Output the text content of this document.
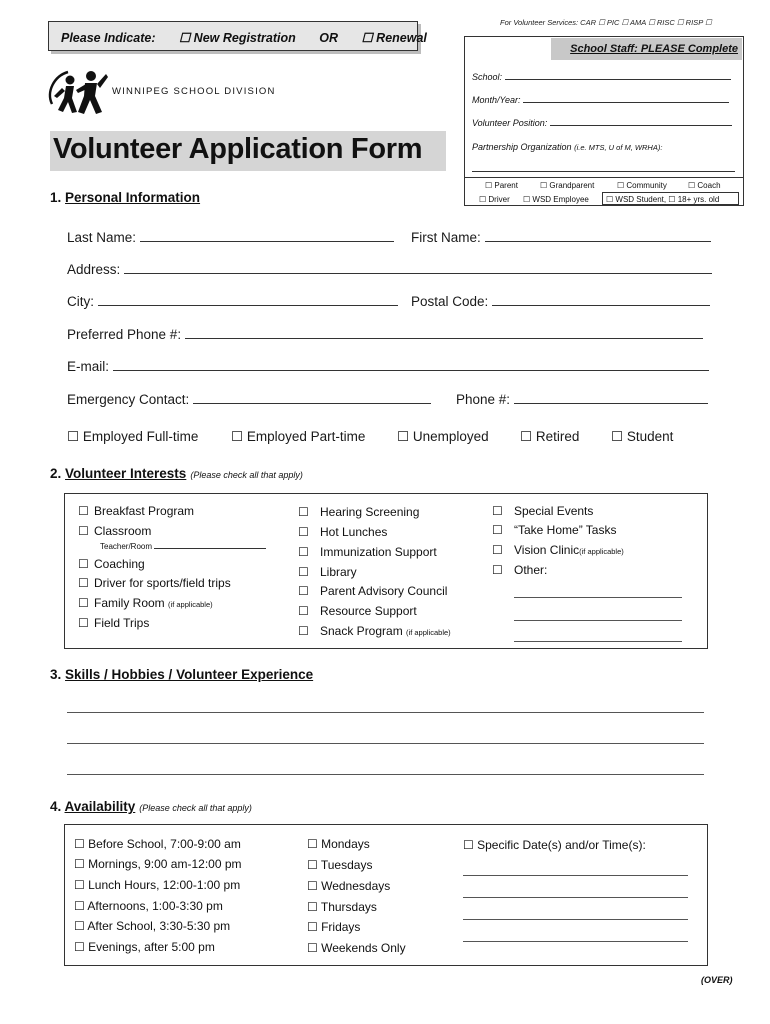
Please Indicate: ☐ New Registration OR ☐ Renewal
For Volunteer Services: CAR ☐ PIC ☐ AMA ☐ RISC ☐ RISP ☐
School Staff: PLEASE Complete
School:
Month/Year:
Volunteer Position:
Partnership Organization (i.e. MTS, U of M, WRHA):
☐ Parent	☐ Grandparent	☐ Community	☐ Coach
☐ Driver ☐ WSD Employee ☐ WSD Student, ☐ 18+ yrs. old
WINNIPEG SCHOOL DIVISION
Volunteer Application Form
1. Personal Information
Last Name:	First Name:
Address:
City:	Postal Code:
Preferred Phone #:
E-mail:
Emergency Contact:	Phone #:
☐ Employed Full-time ☐ Employed Part-time ☐ Unemployed ☐ Retired ☐ Student
2. Volunteer Interests (Please check all that apply)
☐ Breakfast Program
☐ Classroom
Teacher/Room
☐ Coaching
☐ Driver for sports/field trips
☐ Family Room (if applicable)
☐ Field Trips
☐ Hearing Screening
☐ Hot Lunches
☐ Immunization Support
☐ Library
☐ Parent Advisory Council
☐ Resource Support
☐ Snack Program (if applicable)
☐ Special Events
☐ “Take Home” Tasks
☐ Vision Clinic(if applicable)
☐ Other:
3. Skills / Hobbies / Volunteer Experience
4. Availability (Please check all that apply)
☐ Before School, 7:00-9:00 am
☐ Mornings, 9:00 am-12:00 pm
☐ Lunch Hours, 12:00-1:00 pm
☐ Afternoons, 1:00-3:30 pm
☐ After School, 3:30-5:30 pm
☐ Evenings, after 5:00 pm
☐ Mondays
☐ Tuesdays
☐ Wednesdays
☐ Thursdays
☐ Fridays
☐ Weekends Only
☐ Specific Date(s) and/or Time(s):
(OVER)
